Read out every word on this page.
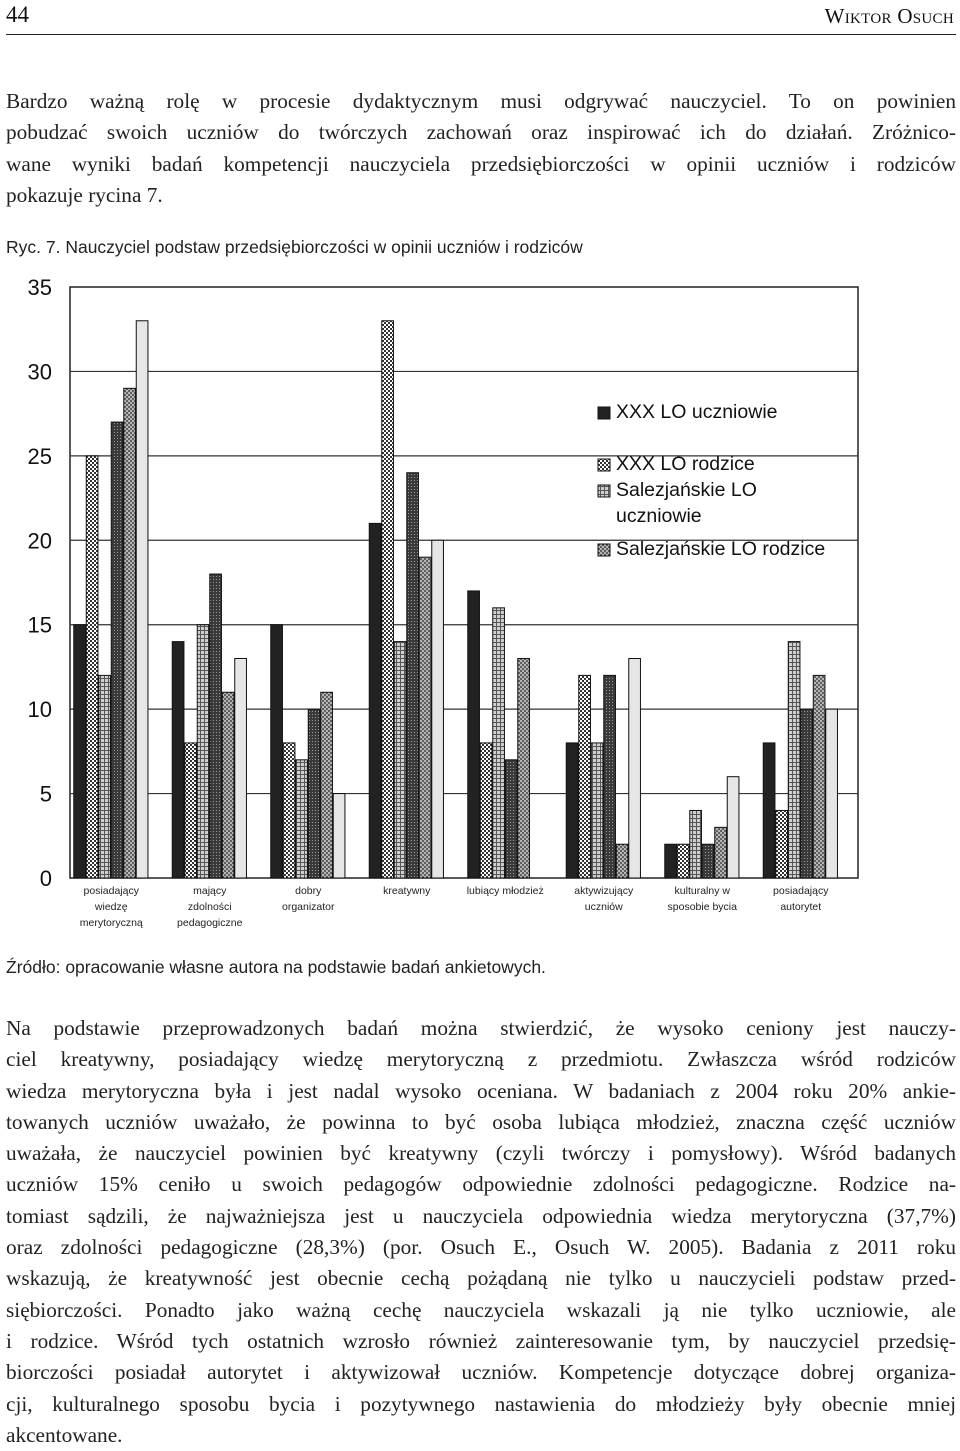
44	Wiktor Osuch
Bardzo ważną rolę w procesie dydaktycznym musi odgrywać nauczyciel. To on powinien
pobudzać swoich uczniów do twórczych zachowań oraz inspirować ich do działań. Zróżnico-
wane wyniki badań kompetencji nauczyciela przedsiębiorczości w opinii uczniów i rodziców
pokazuje rycina 7.
Ryc. 7. Nauczyciel podstaw przedsiębiorczości w opinii uczniów i rodziców
0
5
10
15
20
25
30
35
posiadający wiedzę merytoryczną
mający zdolności pedagogiczne
dobry organizator
kreatywny	lubiący młodzież	aktywizujący uczniów
kulturalny w sposobie bycia
posiadający autorytet
XXX LO uczniowie
XXX LO rodzice
Salezjańskie LO uczniowie
Salezjańskie LO rodzice
Źródło: opracowanie własne autora na podstawie badań ankietowych.
Na podstawie przeprowadzonych badań można stwierdzić, że wysoko ceniony jest nauczy-
ciel kreatywny, posiadający wiedzę merytoryczną z przedmiotu. Zwłaszcza wśród rodziców
wiedza merytoryczna była i jest nadal wysoko oceniana. W badaniach z 2004 roku 20% ankie-
towanych uczniów uważało, że powinna to być osoba lubiąca młodzież, znaczna część uczniów
uważała, że nauczyciel powinien być kreatywny (czyli twórczy i pomysłowy). Wśród badanych
uczniów 15% ceniło u swoich pedagogów odpowiednie zdolności pedagogiczne. Rodzice na-
tomiast sądzili, że najważniejsza jest u nauczyciela odpowiednia wiedza merytoryczna (37,7%)
oraz zdolności pedagogiczne (28,3%) (por. Osuch E., Osuch W. 2005). Badania z 2011 roku
wskazują, że kreatywność jest obecnie cechą pożądaną nie tylko u nauczycieli podstaw przed-
siębiorczości. Ponadto jako ważną cechę nauczyciela wskazali ją nie tylko uczniowie, ale
i rodzice. Wśród tych ostatnich wzrosło również zainteresowanie tym, by nauczyciel przedsię-
biorczości posiadał autorytet i aktywizował uczniów. Kompetencje dotyczące dobrej organiza-
cji, kulturalnego sposobu bycia i pozytywnego nastawienia do młodzieży były obecnie mniej
akcentowane.
